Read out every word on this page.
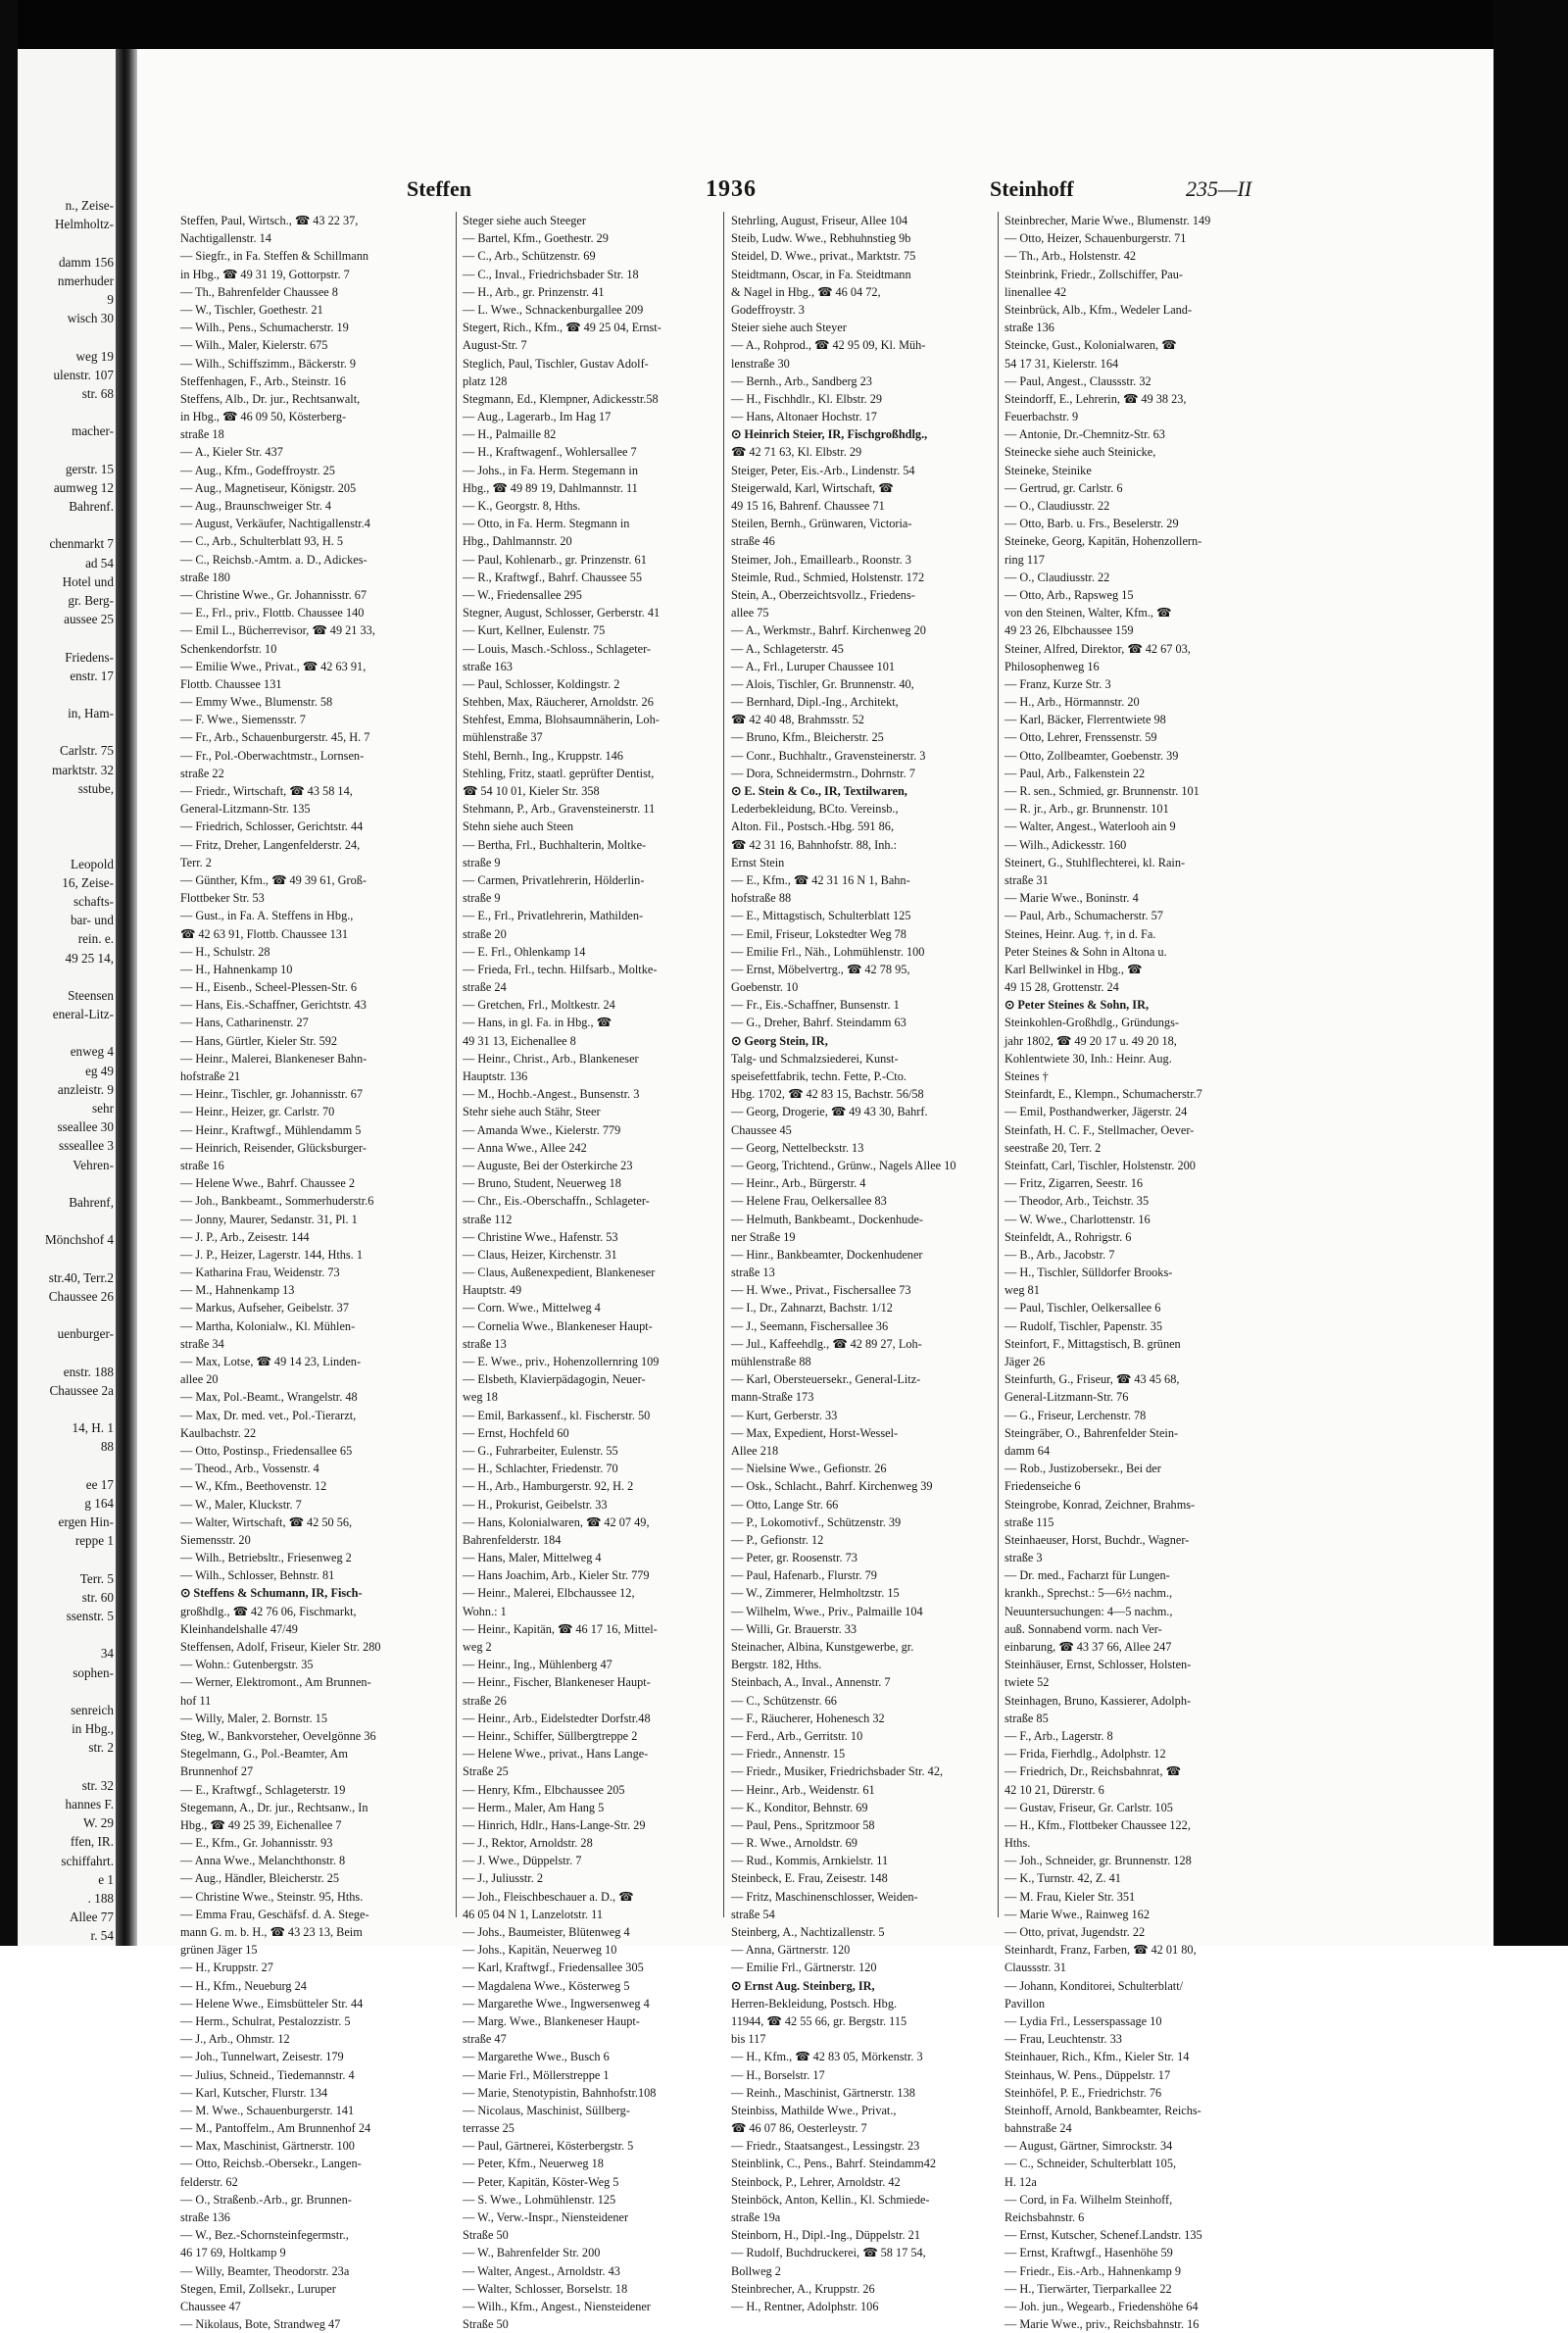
n., Zeise-
Helmholtz-
damm 156
nmerhuder
9
wisch 30
weg 19
ulenstr. 107
str. 68
macher-
gerstr. 15
aumweg 12
Bahrenf.
chenmarkt 7
ad 54
Hotel und
gr. Berg-
aussee 25
Friedens-
enstr. 17
in, Ham-
Carlstr. 75
marktstr. 32
sstube,
Leopold
16, Zeise-
schafts-
bar- und
rein. e.
49 25 14,
Steensen
eneral-Litz-
enweg 4
eg 49
anzleistr. 9
sehr
sseallee 30
ssseallee 3
Vehren-
Bahrenf,
Mönchshof 4
str.40, Terr.2
Chaussee 26
uenburger-
enstr. 188
Chaussee 2a
14, H. 1
88
ee 17
g 164
ergen Hin-
reppe 1
Terr. 5
str. 60
ssenstr. 5
34
sophen-
senreich
in Hbg.,
str. 2
str. 32
hannes F.
W. 29
ffen, IR.
schiffahrt.
e 1
. 188
Allee 77
r. 54
Steffen	1936	Steinhoff	235—II
Steffen, Paul, Wirtsch., ☎ 43 22 37,
Nachtigallenstr. 14
— Siegfr., in Fa. Steffen & Schillmann
in Hbg., ☎ 49 31 19, Gottorpstr. 7
— Th., Bahrenfelder Chaussee 8
— W., Tischler, Goethestr. 21
— Wilh., Pens., Schumacherstr. 19
— Wilh., Maler, Kielerstr. 675
— Wilh., Schiffszimm., Bäckerstr. 9
Steffenhagen, F., Arb., Steinstr. 16
Steffens, Alb., Dr. jur., Rechtsanwalt,
in Hbg., ☎ 46 09 50, Kösterberg-
straße 18
— A., Kieler Str. 437
— Aug., Kfm., Godeffroystr. 25
— Aug., Magnetiseur, Königstr. 205
— Aug., Braunschweiger Str. 4
— August, Verkäufer, Nachtigallenstr.4
— C., Arb., Schulterblatt 93, H. 5
— C., Reichsb.-Amtm. a. D., Adickes-
straße 180
— Christine Wwe., Gr. Johannisstr. 67
— E., Frl., priv., Flottb. Chaussee 140
— Emil L., Bücherrevisor, ☎ 49 21 33,
Schenkendorfstr. 10
— Emilie Wwe., Privat., ☎ 42 63 91,
Flottb. Chaussee 131
— Emmy Wwe., Blumenstr. 58
— F. Wwe., Siemensstr. 7
— Fr., Arb., Schauenburgerstr. 45, H. 7
— Fr., Pol.-Oberwachtmstr., Lornsen-
straße 22
— Friedr., Wirtschaft, ☎ 43 58 14,
General-Litzmann-Str. 135
— Friedrich, Schlosser, Gerichtstr. 44
— Fritz, Dreher, Langenfelderstr. 24,
Terr. 2
— Günther, Kfm., ☎ 49 39 61, Groß-
Flottbeker Str. 53
— Gust., in Fa. A. Steffens in Hbg.,
☎ 42 63 91, Flottb. Chaussee 131
— H., Schulstr. 28
— H., Hahnenkamp 10
— H., Eisenb., Scheel-Plessen-Str. 6
— Hans, Eis.-Schaffner, Gerichtstr. 43
— Hans, Catharinenstr. 27
— Hans, Gürtler, Kieler Str. 592
— Heinr., Malerei, Blankeneser Bahn-
hofstraße 21
— Heinr., Tischler, gr. Johannisstr. 67
— Heinr., Heizer, gr. Carlstr. 70
— Heinr., Kraftwgf., Mühlendamm 5
— Heinrich, Reisender, Glücksburger-
straße 16
— Helene Wwe., Bahrf. Chaussee 2
— Joh., Bankbeamt., Sommerhuderstr.6
— Jonny, Maurer, Sedanstr. 31, Pl. 1
— J. P., Arb., Zeisestr. 144
— J. P., Heizer, Lagerstr. 144, Hths. 1
— Katharina Frau, Weidenstr. 73
— M., Hahnenkamp 13
— Markus, Aufseher, Geibelstr. 37
— Martha, Kolonialw., Kl. Mühlen-
straße 34
— Max, Lotse, ☎ 49 14 23, Linden-
allee 20
— Max, Pol.-Beamt., Wrangelstr. 48
— Max, Dr. med. vet., Pol.-Tierarzt,
Kaulbachstr. 22
— Otto, Postinsp., Friedensallee 65
— Theod., Arb., Vossenstr. 4
— W., Kfm., Beethovenstr. 12
— W., Maler, Kluckstr. 7
— Walter, Wirtschaft, ☎ 42 50 56,
Siemensstr. 20
— Wilh., Betriebsltr., Friesenweg 2
— Wilh., Schlosser, Behnstr. 81
⊙ Steffens & Schumann, IR, Fisch-
großhdlg., ☎ 42 76 06, Fischmarkt,
Kleinhandelshalle 47/49
Steffensen, Adolf, Friseur, Kieler Str. 280
— Wohn.: Gutenbergstr. 35
— Werner, Elektromont., Am Brunnen-
hof 11
— Willy, Maler, 2. Bornstr. 15
Steg, W., Bankvorsteher, Oevelgönne 36
Stegelmann, G., Pol.-Beamter, Am
Brunnenhof 27
— E., Kraftwgf., Schlageterstr. 19
Stegemann, A., Dr. jur., Rechtsanw., In
Hbg., ☎ 49 25 39, Eichenallee 7
— E., Kfm., Gr. Johannisstr. 93
— Anna Wwe., Melanchthonstr. 8
— Aug., Händler, Bleicherstr. 25
— Christine Wwe., Steinstr. 95, Hths.
— Emma Frau, Geschäfsf. d. A. Stege-
mann G. m. b. H., ☎ 43 23 13, Beim
grünen Jäger 15
— H., Kruppstr. 27
— H., Kfm., Neueburg 24
— Helene Wwe., Eimsbütteler Str. 44
— Herm., Schulrat, Pestalozzistr. 5
— J., Arb., Ohmstr. 12
— Joh., Tunnelwart, Zeisestr. 179
— Julius, Schneid., Tiedemannstr. 4
— Karl, Kutscher, Flurstr. 134
— M. Wwe., Schauenburgerstr. 141
— M., Pantoffelm., Am Brunnenhof 24
— Max, Maschinist, Gärtnerstr. 100
— Otto, Reichsb.-Obersekr., Langen-
felderstr. 62
— O., Straßenb.-Arb., gr. Brunnen-
straße 136
— W., Bez.-Schornsteinfegermstr.,
46 17 69, Holtkamp 9
— Willy, Beamter, Theodorstr. 23a
Stegen, Emil, Zollsekr., Luruper
Chaussee 47
— Nikolaus, Bote, Strandweg 47
Steger siehe auch Steeger
— Bartel, Kfm., Goethestr. 29
— C., Arb., Schützenstr. 69
— C., Inval., Friedrichsbader Str. 18
— H., Arb., gr. Prinzenstr. 41
— L. Wwe., Schnackenburgallee 209
Stegert, Rich., Kfm., ☎ 49 25 04, Ernst-
August-Str. 7
Steglich, Paul, Tischler, Gustav Adolf-
platz 128
Stegmann, Ed., Klempner, Adickesstr.58
— Aug., Lagerarb., Im Hag 17
— H., Palmaille 82
— H., Kraftwagenf., Wohlersallee 7
— Johs., in Fa. Herm. Stegemann in
Hbg., ☎ 49 89 19, Dahlmannstr. 11
— K., Georgstr. 8, Hths.
— Otto, in Fa. Herm. Stegmann in
Hbg., Dahlmannstr. 20
— Paul, Kohlenarb., gr. Prinzenstr. 61
— R., Kraftwgf., Bahrf. Chaussee 55
— W., Friedensallee 295
Stegner, August, Schlosser, Gerberstr. 41
— Kurt, Kellner, Eulenstr. 75
— Louis, Masch.-Schloss., Schlageter-
straße 163
— Paul, Schlosser, Koldingstr. 2
Stehben, Max, Räucherer, Arnoldstr. 26
Stehfest, Emma, Blohsaumnäherin, Loh-
mühlenstraße 37
Stehl, Bernh., Ing., Kruppstr. 146
Stehling, Fritz, staatl. geprüfter Dentist,
☎ 54 10 01, Kieler Str. 358
Stehmann, P., Arb., Gravensteinerstr. 11
Stehn siehe auch Steen
— Bertha, Frl., Buchhalterin, Moltke-
straße 9
— Carmen, Privatlehrerin, Hölderlin-
straße 9
— E., Frl., Privatlehrerin, Mathilden-
straße 20
— E. Frl., Ohlenkamp 14
— Frieda, Frl., techn. Hilfsarb., Moltke-
straße 24
— Gretchen, Frl., Moltkestr. 24
— Hans, in gl. Fa. in Hbg., ☎
49 31 13, Eichenallee 8
— Heinr., Christ., Arb., Blankeneser
Hauptstr. 136
— M., Hochb.-Angest., Bunsenstr. 3
Stehr siehe auch Stähr, Steer
— Amanda Wwe., Kielerstr. 779
— Anna Wwe., Allee 242
— Auguste, Bei der Osterkirche 23
— Bruno, Student, Neuerweg 18
— Chr., Eis.-Oberschaffn., Schlageter-
straße 112
— Christine Wwe., Hafenstr. 53
— Claus, Heizer, Kirchenstr. 31
— Claus, Außenexpedient, Blankeneser
Hauptstr. 49
— Corn. Wwe., Mittelweg 4
— Cornelia Wwe., Blankeneser Haupt-
straße 13
— E. Wwe., priv., Hohenzollernring 109
— Elsbeth, Klavierpädagogin, Neuer-
weg 18
— Emil, Barkassenf., kl. Fischerstr. 50
— Ernst, Hochfeld 60
— G., Fuhrarbeiter, Eulenstr. 55
— H., Schlachter, Friedenstr. 70
— H., Arb., Hamburgerstr. 92, H. 2
— H., Prokurist, Geibelstr. 33
— Hans, Kolonialwaren, ☎ 42 07 49,
Bahrenfelderstr. 184
— Hans, Maler, Mittelweg 4
— Hans Joachim, Arb., Kieler Str. 779
— Heinr., Malerei, Elbchaussee 12,
Wohn.: 1
— Heinr., Kapitän, ☎ 46 17 16, Mittel-
weg 2
— Heinr., Ing., Mühlenberg 47
— Heinr., Fischer, Blankeneser Haupt-
straße 26
— Heinr., Arb., Eidelstedter Dorfstr.48
— Heinr., Schiffer, Süllbergtreppe 2
— Helene Wwe., privat., Hans Lange-
Straße 25
— Henry, Kfm., Elbchaussee 205
— Herm., Maler, Am Hang 5
— Hinrich, Hdlr., Hans-Lange-Str. 29
— J., Rektor, Arnoldstr. 28
— J. Wwe., Düppelstr. 7
— J., Juliusstr. 2
— Joh., Fleischbeschauer a. D., ☎
46 05 04 N 1, Lanzelotstr. 11
— Johs., Baumeister, Blütenweg 4
— Johs., Kapitän, Neuerweg 10
— Karl, Kraftwgf., Friedensallee 305
— Magdalena Wwe., Kösterweg 5
— Margarethe Wwe., Ingwersenweg 4
— Marg. Wwe., Blankeneser Haupt-
straße 47
— Margarethe Wwe., Busch 6
— Marie Frl., Möllerstreppe 1
— Marie, Stenotypistin, Bahnhofstr.108
— Nicolaus, Maschinist, Süllberg-
terrasse 25
— Paul, Gärtnerei, Kösterbergstr. 5
— Peter, Kfm., Neuerweg 18
— Peter, Kapitän, Köster-Weg 5
— S. Wwe., Lohmühlenstr. 125
— W., Verw.-Inspr., Niensteidener
Straße 50
— W., Bahrenfelder Str. 200
— Walter, Angest., Arnoldstr. 43
— Walter, Schlosser, Borselstr. 18
— Wilh., Kfm., Angest., Niensteidener
Straße 50
Stehrling, August, Friseur, Allee 104
Steib, Ludw. Wwe., Rebhuhnstieg 9b
Steidel, D. Wwe., privat., Marktstr. 75
Steidtmann, Oscar, in Fa. Steidtmann
& Nagel in Hbg., ☎ 46 04 72,
Godeffroystr. 3
Steier siehe auch Steyer
— A., Rohprod., ☎ 42 95 09, Kl. Müh-
lenstraße 30
— Bernh., Arb., Sandberg 23
— H., Fischhdlr., Kl. Elbstr. 29
— Hans, Altonaer Hochstr. 17
⊙ Heinrich Steier, IR, Fischgroßhdlg.,
☎ 42 71 63, Kl. Elbstr. 29
Steiger, Peter, Eis.-Arb., Lindenstr. 54
Steigerwald, Karl, Wirtschaft, ☎
49 15 16, Bahrenf. Chaussee 71
Steilen, Bernh., Grünwaren, Victoria-
straße 46
Steimer, Joh., Emaillearb., Roonstr. 3
Steimle, Rud., Schmied, Holstenstr. 172
Stein, A., Oberzeichtsvollz., Friedens-
allee 75
— A., Werkmstr., Bahrf. Kirchenweg 20
— A., Schlageterstr. 45
— A., Frl., Luruper Chaussee 101
— Alois, Tischler, Gr. Brunnenstr. 40,
— Bernhard, Dipl.-Ing., Architekt,
☎ 42 40 48, Brahmsstr. 52
— Bruno, Kfm., Bleicherstr. 25
— Conr., Buchhaltr., Gravensteinerstr. 3
— Dora, Schneidermstrn., Dohrnstr. 7
⊙ E. Stein & Co., IR, Textilwaren,
Lederbekleidung, BCto. Vereinsb.,
Alton. Fil., Postsch.-Hbg. 591 86,
☎ 42 31 16, Bahnhofstr. 88, Inh.:
Ernst Stein
— E., Kfm., ☎ 42 31 16 N 1, Bahn-
hofstraße 88
— E., Mittagstisch, Schulterblatt 125
— Emil, Friseur, Lokstedter Weg 78
— Emilie Frl., Näh., Lohmühlenstr. 100
— Ernst, Möbelvertrg., ☎ 42 78 95,
Goebenstr. 10
— Fr., Eis.-Schaffner, Bunsenstr. 1
— G., Dreher, Bahrf. Steindamm 63
⊙ Georg Stein, IR,
Talg- und Schmalzsiederei, Kunst-
speisefettfabrik, techn. Fette, P.-Cto.
Hbg. 1702, ☎ 42 83 15, Bachstr. 56/58
— Georg, Drogerie, ☎ 49 43 30, Bahrf.
Chaussee 45
— Georg, Nettelbeckstr. 13
— Georg, Trichtend., Grünw., Nagels Allee 10
— Heinr., Arb., Bürgerstr. 4
— Helene Frau, Oelkersallee 83
— Helmuth, Bankbeamt., Dockenhude-
ner Straße 19
— Hinr., Bankbeamter, Dockenhudener
straße 13
— H. Wwe., Privat., Fischersallee 73
— I., Dr., Zahnarzt, Bachstr. 1/12
— J., Seemann, Fischersallee 36
— Jul., Kaffeehdlg., ☎ 42 89 27, Loh-
mühlenstraße 88
— Karl, Obersteuersekr., General-Litz-
mann-Straße 173
— Kurt, Gerberstr. 33
— Max, Expedient, Horst-Wessel-
Allee 218
— Nielsine Wwe., Gefionstr. 26
— Osk., Schlacht., Bahrf. Kirchenweg 39
— Otto, Lange Str. 66
— P., Lokomotivf., Schützenstr. 39
— P., Gefionstr. 12
— Peter, gr. Roosenstr. 73
— Paul, Hafenarb., Flurstr. 79
— W., Zimmerer, Helmholtzstr. 15
— Wilhelm, Wwe., Priv., Palmaille 104
— Willi, Gr. Brauerstr. 33
Steinacher, Albina, Kunstgewerbe, gr.
Bergstr. 182, Hths.
Steinbach, A., Inval., Annenstr. 7
— C., Schützenstr. 66
— F., Räucherer, Hohenesch 32
— Ferd., Arb., Gerritstr. 10
— Friedr., Annenstr. 15
— Friedr., Musiker, Friedrichsbader Str. 42,
— Heinr., Arb., Weidenstr. 61
— K., Konditor, Behnstr. 69
— Paul, Pens., Spritzmoor 58
— R. Wwe., Arnoldstr. 69
— Rud., Kommis, Arnkielstr. 11
Steinbeck, E. Frau, Zeisestr. 148
— Fritz, Maschinenschlosser, Weiden-
straße 54
Steinberg, A., Nachtizallenstr. 5
— Anna, Gärtnerstr. 120
— Emilie Frl., Gärtnerstr. 120
⊙ Ernst Aug. Steinberg, IR,
Herren-Bekleidung, Postsch. Hbg.
11944, ☎ 42 55 66, gr. Bergstr. 115
bis 117
— H., Kfm., ☎ 42 83 05, Mörkenstr. 3
— H., Borselstr. 17
— Reinh., Maschinist, Gärtnerstr. 138
Steinbiss, Mathilde Wwe., Privat.,
☎ 46 07 86, Oesterleystr. 7
— Friedr., Staatsangest., Lessingstr. 23
Steinblink, C., Pens., Bahrf. Steindamm42
Steinbock, P., Lehrer, Arnoldstr. 42
Steinböck, Anton, Kellin., Kl. Schmiede-
straße 19a
Steinborn, H., Dipl.-Ing., Düppelstr. 21
— Rudolf, Buchdruckerei, ☎ 58 17 54,
Bollweg 2
Steinbrecher, A., Kruppstr. 26
— H., Rentner, Adolphstr. 106
Steinbrecher, Marie Wwe., Blumenstr. 149
— Otto, Heizer, Schauenburgerstr. 71
— Th., Arb., Holstenstr. 42
Steinbrink, Friedr., Zollschiffer, Pau-
linenallee 42
Steinbrück, Alb., Kfm., Wedeler Land-
straße 136
Steincke, Gust., Kolonialwaren, ☎
54 17 31, Kielerstr. 164
— Paul, Angest., Claussstr. 32
Steindorff, E., Lehrerin, ☎ 49 38 23,
Feuerbachstr. 9
— Antonie, Dr.-Chemnitz-Str. 63
Steinecke siehe auch Steinicke,
Steineke, Steinike
— Gertrud, gr. Carlstr. 6
— O., Claudiusstr. 22
— Otto, Barb. u. Frs., Beselerstr. 29
Steineke, Georg, Kapitän, Hohenzollern-
ring 117
— O., Claudiusstr. 22
— Otto, Arb., Rapsweg 15
von den Steinen, Walter, Kfm., ☎
49 23 26, Elbchaussee 159
Steiner, Alfred, Direktor, ☎ 42 67 03,
Philosophenweg 16
— Franz, Kurze Str. 3
— H., Arb., Hörmannstr. 20
— Karl, Bäcker, Flerrentwiete 98
— Otto, Lehrer, Frenssenstr. 59
— Otto, Zollbeamter, Goebenstr. 39
— Paul, Arb., Falkenstein 22
— R. sen., Schmied, gr. Brunnenstr. 101
— R. jr., Arb., gr. Brunnenstr. 101
— Walter, Angest., Waterlooh ain 9
— Wilh., Adickesstr. 160
Steinert, G., Stuhlflechterei, kl. Rain-
straße 31
— Marie Wwe., Boninstr. 4
— Paul, Arb., Schumacherstr. 57
Steines, Heinr. Aug. †, in d. Fa.
Peter Steines & Sohn in Altona u.
Karl Bellwinkel in Hbg., ☎
49 15 28, Grottenstr. 24
⊙ Peter Steines & Sohn, IR,
Steinkohlen-Großhdlg., Gründungs-
jahr 1802, ☎ 49 20 17 u. 49 20 18,
Kohlentwiete 30, Inh.: Heinr. Aug.
Steines †
Steinfardt, E., Klempn., Schumacherstr.7
— Emil, Posthandwerker, Jägerstr. 24
Steinfath, H. C. F., Stellmacher, Oever-
seestraße 20, Terr. 2
Steinfatt, Carl, Tischler, Holstenstr. 200
— Fritz, Zigarren, Seestr. 16
— Theodor, Arb., Teichstr. 35
— W. Wwe., Charlottenstr. 16
Steinfeldt, A., Rohrigstr. 6
— B., Arb., Jacobstr. 7
— H., Tischler, Sülldorfer Brooks-
weg 81
— Paul, Tischler, Oelkersallee 6
— Rudolf, Tischler, Papenstr. 35
Steinfort, F., Mittagstisch, B. grünen
Jäger 26
Steinfurth, G., Friseur, ☎ 43 45 68,
General-Litzmann-Str. 76
— G., Friseur, Lerchenstr. 78
Steingräber, O., Bahrenfelder Stein-
damm 64
— Rob., Justizobersekr., Bei der
Friedenseiche 6
Steingrobe, Konrad, Zeichner, Brahms-
straße 115
Steinhaeuser, Horst, Buchdr., Wagner-
straße 3
— Dr. med., Facharzt für Lungen-
krankh., Sprechst.: 5—6½ nachm.,
Neuuntersuchungen: 4—5 nachm.,
auß. Sonnabend vorm. nach Ver-
einbarung, ☎ 43 37 66, Allee 247
Steinhäuser, Ernst, Schlosser, Holsten-
twiete 52
Steinhagen, Bruno, Kassierer, Adolph-
straße 85
— F., Arb., Lagerstr. 8
— Frida, Fierhdlg., Adolphstr. 12
— Friedrich, Dr., Reichsbahnrat, ☎
42 10 21, Dürerstr. 6
— Gustav, Friseur, Gr. Carlstr. 105
— H., Kfm., Flottbeker Chaussee 122,
Hths.
— Joh., Schneider, gr. Brunnenstr. 128
— K., Turnstr. 42, Z. 41
— M. Frau, Kieler Str. 351
— Marie Wwe., Rainweg 162
— Otto, privat, Jugendstr. 22
Steinhardt, Franz, Farben, ☎ 42 01 80,
Claussstr. 31
— Johann, Konditorei, Schulterblatt/
Pavillon
— Lydia Frl., Lesserspassage 10
— Frau, Leuchtenstr. 33
Steinhauer, Rich., Kfm., Kieler Str. 14
Steinhaus, W. Pens., Düppelstr. 17
Steinhöfel, P. E., Friedrichstr. 76
Steinhoff, Arnold, Bankbeamter, Reichs-
bahnstraße 24
— August, Gärtner, Simrockstr. 34
— C., Schneider, Schulterblatt 105,
H. 12a
— Cord, in Fa. Wilhelm Steinhoff,
Reichsbahnstr. 6
— Ernst, Kutscher, Schenef.Landstr. 135
— Ernst, Kraftwgf., Hasenhöhe 59
— Friedr., Eis.-Arb., Hahnenkamp 9
— H., Tierwärter, Tierparkallee 22
— Joh. jun., Wegearb., Friedenshöhe 64
— Marie Wwe., priv., Reichsbahnstr. 16
